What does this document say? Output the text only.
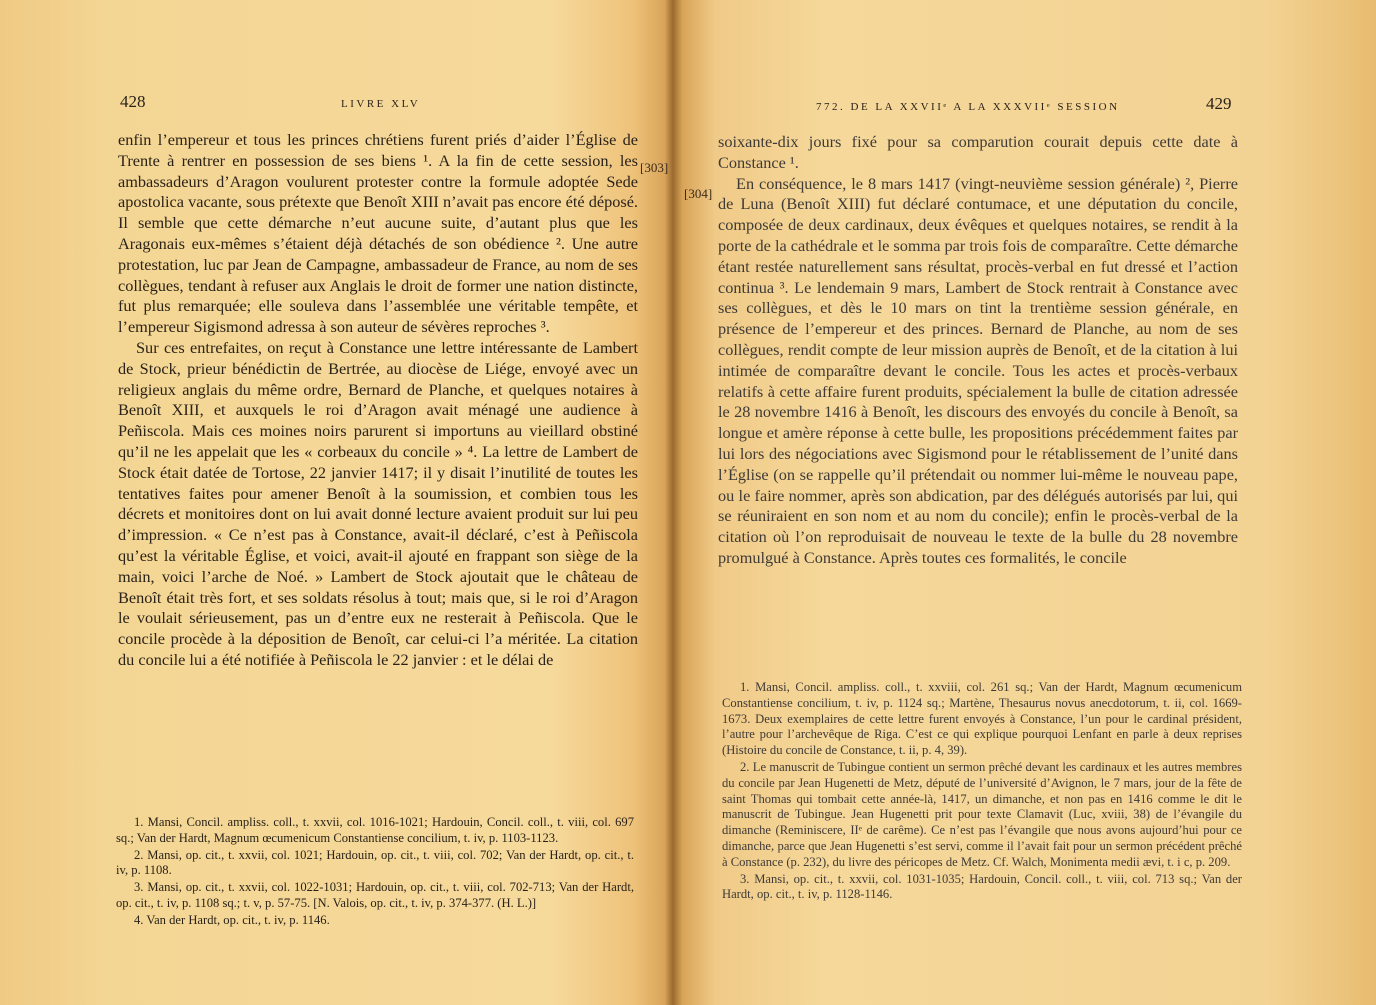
428	LIVRE XLV
[303]

enfin l’empereur et tous les princes chrétiens furent priés d’aider l’Église de Trente à rentrer en possession de ses biens ¹. A la fin de cette session, les ambassadeurs d’Aragon voulurent protester contre la formule adoptée Sede apostolica vacante, sous prétexte que Benoît XIII n’avait pas encore été déposé. Il semble que cette démarche n’eut aucune suite, d’autant plus que les Aragonais eux-mêmes s’étaient déjà détachés de son obédience ². Une autre protestation, luc par Jean de Campagne, ambassadeur de France, au nom de ses collègues, tendant à refuser aux Anglais le droit de former une nation distincte, fut plus remarquée; elle souleva dans l’assemblée une véritable tempête, et l’empereur Sigismond adressa à son auteur de sévères reproches ³.

Sur ces entrefaites, on reçut à Constance une lettre intéressante de Lambert de Stock, prieur bénédictin de Bertrée, au diocèse de Liége, envoyé avec un religieux anglais du même ordre, Bernard de Planche, et quelques notaires à Benoît XIII, et auxquels le roi d’Aragon avait ménagé une audience à Peñiscola. Mais ces moines noirs parurent si importuns au vieillard obstiné qu’il ne les appelait que les « corbeaux du concile » ⁴. La lettre de Lambert de Stock était datée de Tortose, 22 janvier 1417; il y disait l’inutilité de toutes les tentatives faites pour amener Benoît à la soumission, et combien tous les décrets et monitoires dont on lui avait donné lecture avaient produit sur lui peu d’impression. « Ce n’est pas à Constance, avait-il déclaré, c’est à Peñiscola qu’est la véritable Église, et voici, avait-il ajouté en frappant son siège de la main, voici l’arche de Noé. » Lambert de Stock ajoutait que le château de Benoît était très fort, et ses soldats résolus à tout; mais que, si le roi d’Aragon le voulait sérieusement, pas un d’entre eux ne resterait à Peñiscola. Que le concile procède à la déposition de Benoît, car celui-ci l’a méritée. La citation du concile lui a été notifiée à Peñiscola le 22 janvier : et le délai de

1. Mansi, Concil. ampliss. coll., t. xxvii, col. 1016-1021; Hardouin, Concil. coll., t. viii, col. 697 sq.; Van der Hardt, Magnum œcumenicum Constantiense concilium, t. iv, p. 1103-1123.

2. Mansi, op. cit., t. xxvii, col. 1021; Hardouin, op. cit., t. viii, col. 702; Van der Hardt, op. cit., t. iv, p. 1108.

3. Mansi, op. cit., t. xxvii, col. 1022-1031; Hardouin, op. cit., t. viii, col. 702-713; Van der Hardt, op. cit., t. iv, p. 1108 sq.; t. v, p. 57-75. [N. Valois, op. cit., t. iv, p. 374-377. (H. L.)]

4. Van der Hardt, op. cit., t. iv, p. 1146.

772. DE LA XXVIIᵉ A LA XXXVIIᵉ SESSION	429
[304]

soixante-dix jours fixé pour sa comparution courait depuis cette date à Constance ¹.

En conséquence, le 8 mars 1417 (vingt-neuvième session générale) ², Pierre de Luna (Benoît XIII) fut déclaré contumace, et une députation du concile, composée de deux cardinaux, deux évêques et quelques notaires, se rendit à la porte de la cathédrale et le somma par trois fois de comparaître. Cette démarche étant restée naturellement sans résultat, procès-verbal en fut dressé et l’action continua ³. Le lendemain 9 mars, Lambert de Stock rentrait à Constance avec ses collègues, et dès le 10 mars on tint la trentième session générale, en présence de l’empereur et des princes. Bernard de Planche, au nom de ses collègues, rendit compte de leur mission auprès de Benoît, et de la citation à lui intimée de comparaître devant le concile. Tous les actes et procès-verbaux relatifs à cette affaire furent produits, spécialement la bulle de citation adressée le 28 novembre 1416 à Benoît, les discours des envoyés du concile à Benoît, sa longue et amère réponse à cette bulle, les propositions précédemment faites par lui lors des négociations avec Sigismond pour le rétablissement de l’unité dans l’Église (on se rappelle qu’il prétendait ou nommer lui-même le nouveau pape, ou le faire nommer, après son abdication, par des délégués autorisés par lui, qui se réuniraient en son nom et au nom du concile); enfin le procès-verbal de la citation où l’on reproduisait de nouveau le texte de la bulle du 28 novembre promulgué à Constance. Après toutes ces formalités, le concile

1. Mansi, Concil. ampliss. coll., t. xxviii, col. 261 sq.; Van der Hardt, Magnum œcumenicum Constantiense concilium, t. iv, p. 1124 sq.; Martène, Thesaurus novus anecdotorum, t. ii, col. 1669-1673. Deux exemplaires de cette lettre furent envoyés à Constance, l’un pour le cardinal président, l’autre pour l’archevêque de Riga. C’est ce qui explique pourquoi Lenfant en parle à deux reprises (Histoire du concile de Constance, t. ii, p. 4, 39).

2. Le manuscrit de Tubingue contient un sermon prêché devant les cardinaux et les autres membres du concile par Jean Hugenetti de Metz, député de l’université d’Avignon, le 7 mars, jour de la fête de saint Thomas qui tombait cette année-là, 1417, un dimanche, et non pas en 1416 comme le dit le manuscrit de Tubingue. Jean Hugenetti prit pour texte Clamavit (Luc, xviii, 38) de l’évangile du dimanche (Reminiscere, IIᵉ de carême). Ce n’est pas l’évangile que nous avons aujourd’hui pour ce dimanche, parce que Jean Hugenetti s’est servi, comme il l’avait fait pour un sermon précédent prêché à Constance (p. 232), du livre des péricopes de Metz. Cf. Walch, Monimenta medii ævi, t. i c, p. 209.

3. Mansi, op. cit., t. xxvii, col. 1031-1035; Hardouin, Concil. coll., t. viii, col. 713 sq.; Van der Hardt, op. cit., t. iv, p. 1128-1146.
